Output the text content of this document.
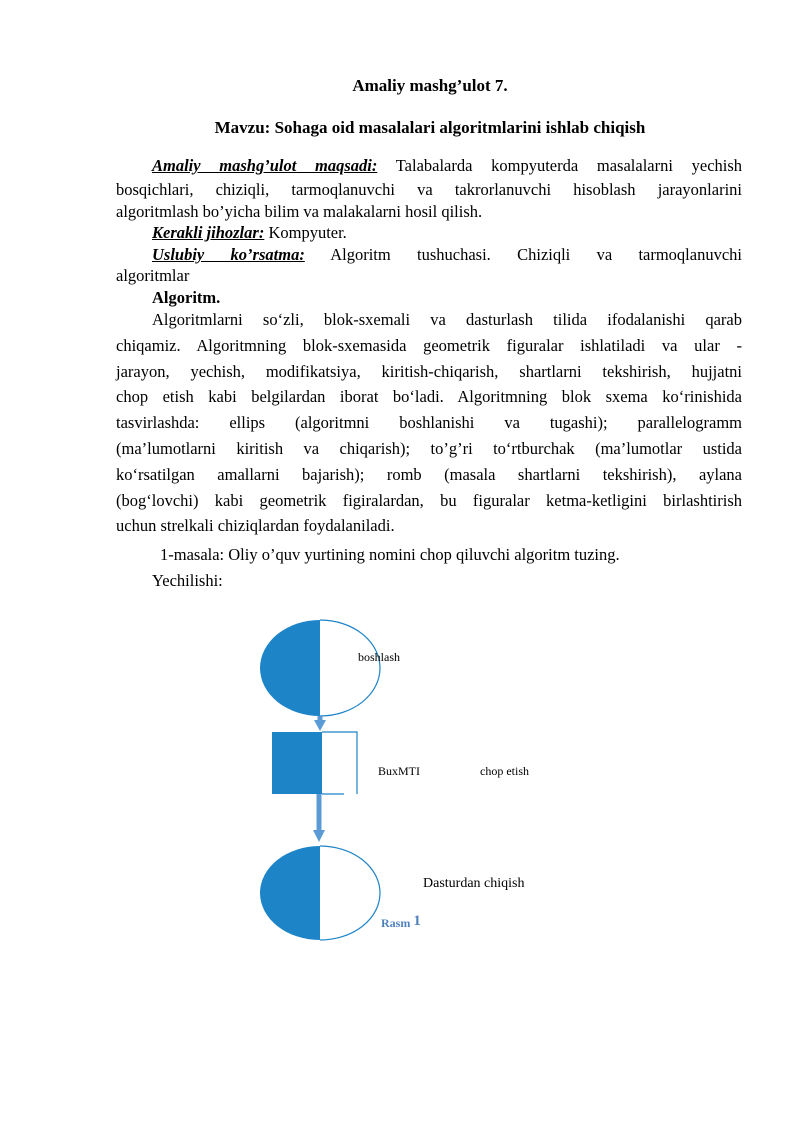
Amaliy mashg’ulot 7.
Mavzu: Sohaga oid masalalari algoritmlarini ishlab chiqish
Amaliy mashg’ulot maqsadi: Talabalarda kompyuterda masalalarni yechish
bosqichlari, chiziqli, tarmoqlanuvchi va takrorlanuvchi hisoblash jarayonlarini
algoritmlash bo’yicha bilim va malakalarni hosil qilish.
Kerakli jihozlar: Kompyuter.
Uslubiy ko’rsatma: Algoritm tushuchasi. Chiziqli va tarmoqlanuvchi
algoritmlar
Algoritm.
Algoritmlarni so‘zli, blok-sxemali va dasturlash tilida ifodalanishi qarab
chiqamiz. Algoritmning blok-sxemasida geometrik figuralar ishlatiladi va ular -
jarayon, yechish, modifikatsiya, kiritish-chiqarish, shartlarni tekshirish, hujjatni
chop etish kabi belgilardan iborat bo‘ladi. Algoritmning blok sxema ko‘rinishida
tasvirlashda: ellips (algoritmni boshlanishi va tugashi); parallelogramm
(ma’lumotlarni kiritish va chiqarish); to’g’ri to‘rtburchak (ma’lumotlar ustida
ko‘rsatilgan amallarni bajarish); romb (masala shartlarni tekshirish), aylana
(bog‘lovchi) kabi geometrik figiralardan, bu figuralar ketma-ketligini birlashtirish
uchun strelkali chiziqlardan foydalaniladi.
1-masala: Oliy o’quv yurtining nomini chop qiluvchi algoritm tuzing.
Yechilishi:
boshlash
BuxMTI	chop etish
Dasturdan chiqish
Rasm 1
